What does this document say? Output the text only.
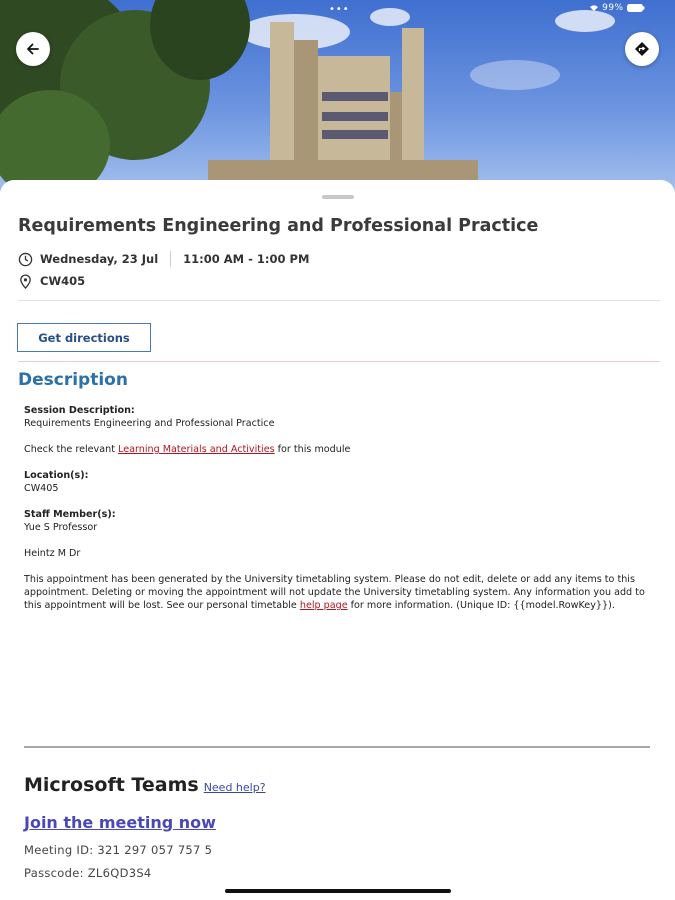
•••	99%
Requirements Engineering and Professional Practice
Wednesday, 23 Jul 11:00 AM - 1:00 PM
CW405
Get directions
Description

Session Description:
Requirements Engineering and Professional Practice

Check the relevant Learning Materials and Activities for this module

Location(s):
CW405

Staff Member(s):
Yue S Professor

Heintz M Dr

This appointment has been generated by the University timetabling system. Please do not edit, delete or add any items to this appointment. Deleting or moving the appointment will not update the University timetabling system. Any information you add to this appointment will be lost. See our personal timetable help page for more information. (Unique ID: {{model.RowKey}}).

Microsoft Teams Need help?
Join the meeting now
Meeting ID: 321 297 057 757 5
Passcode: ZL6QD3S4
